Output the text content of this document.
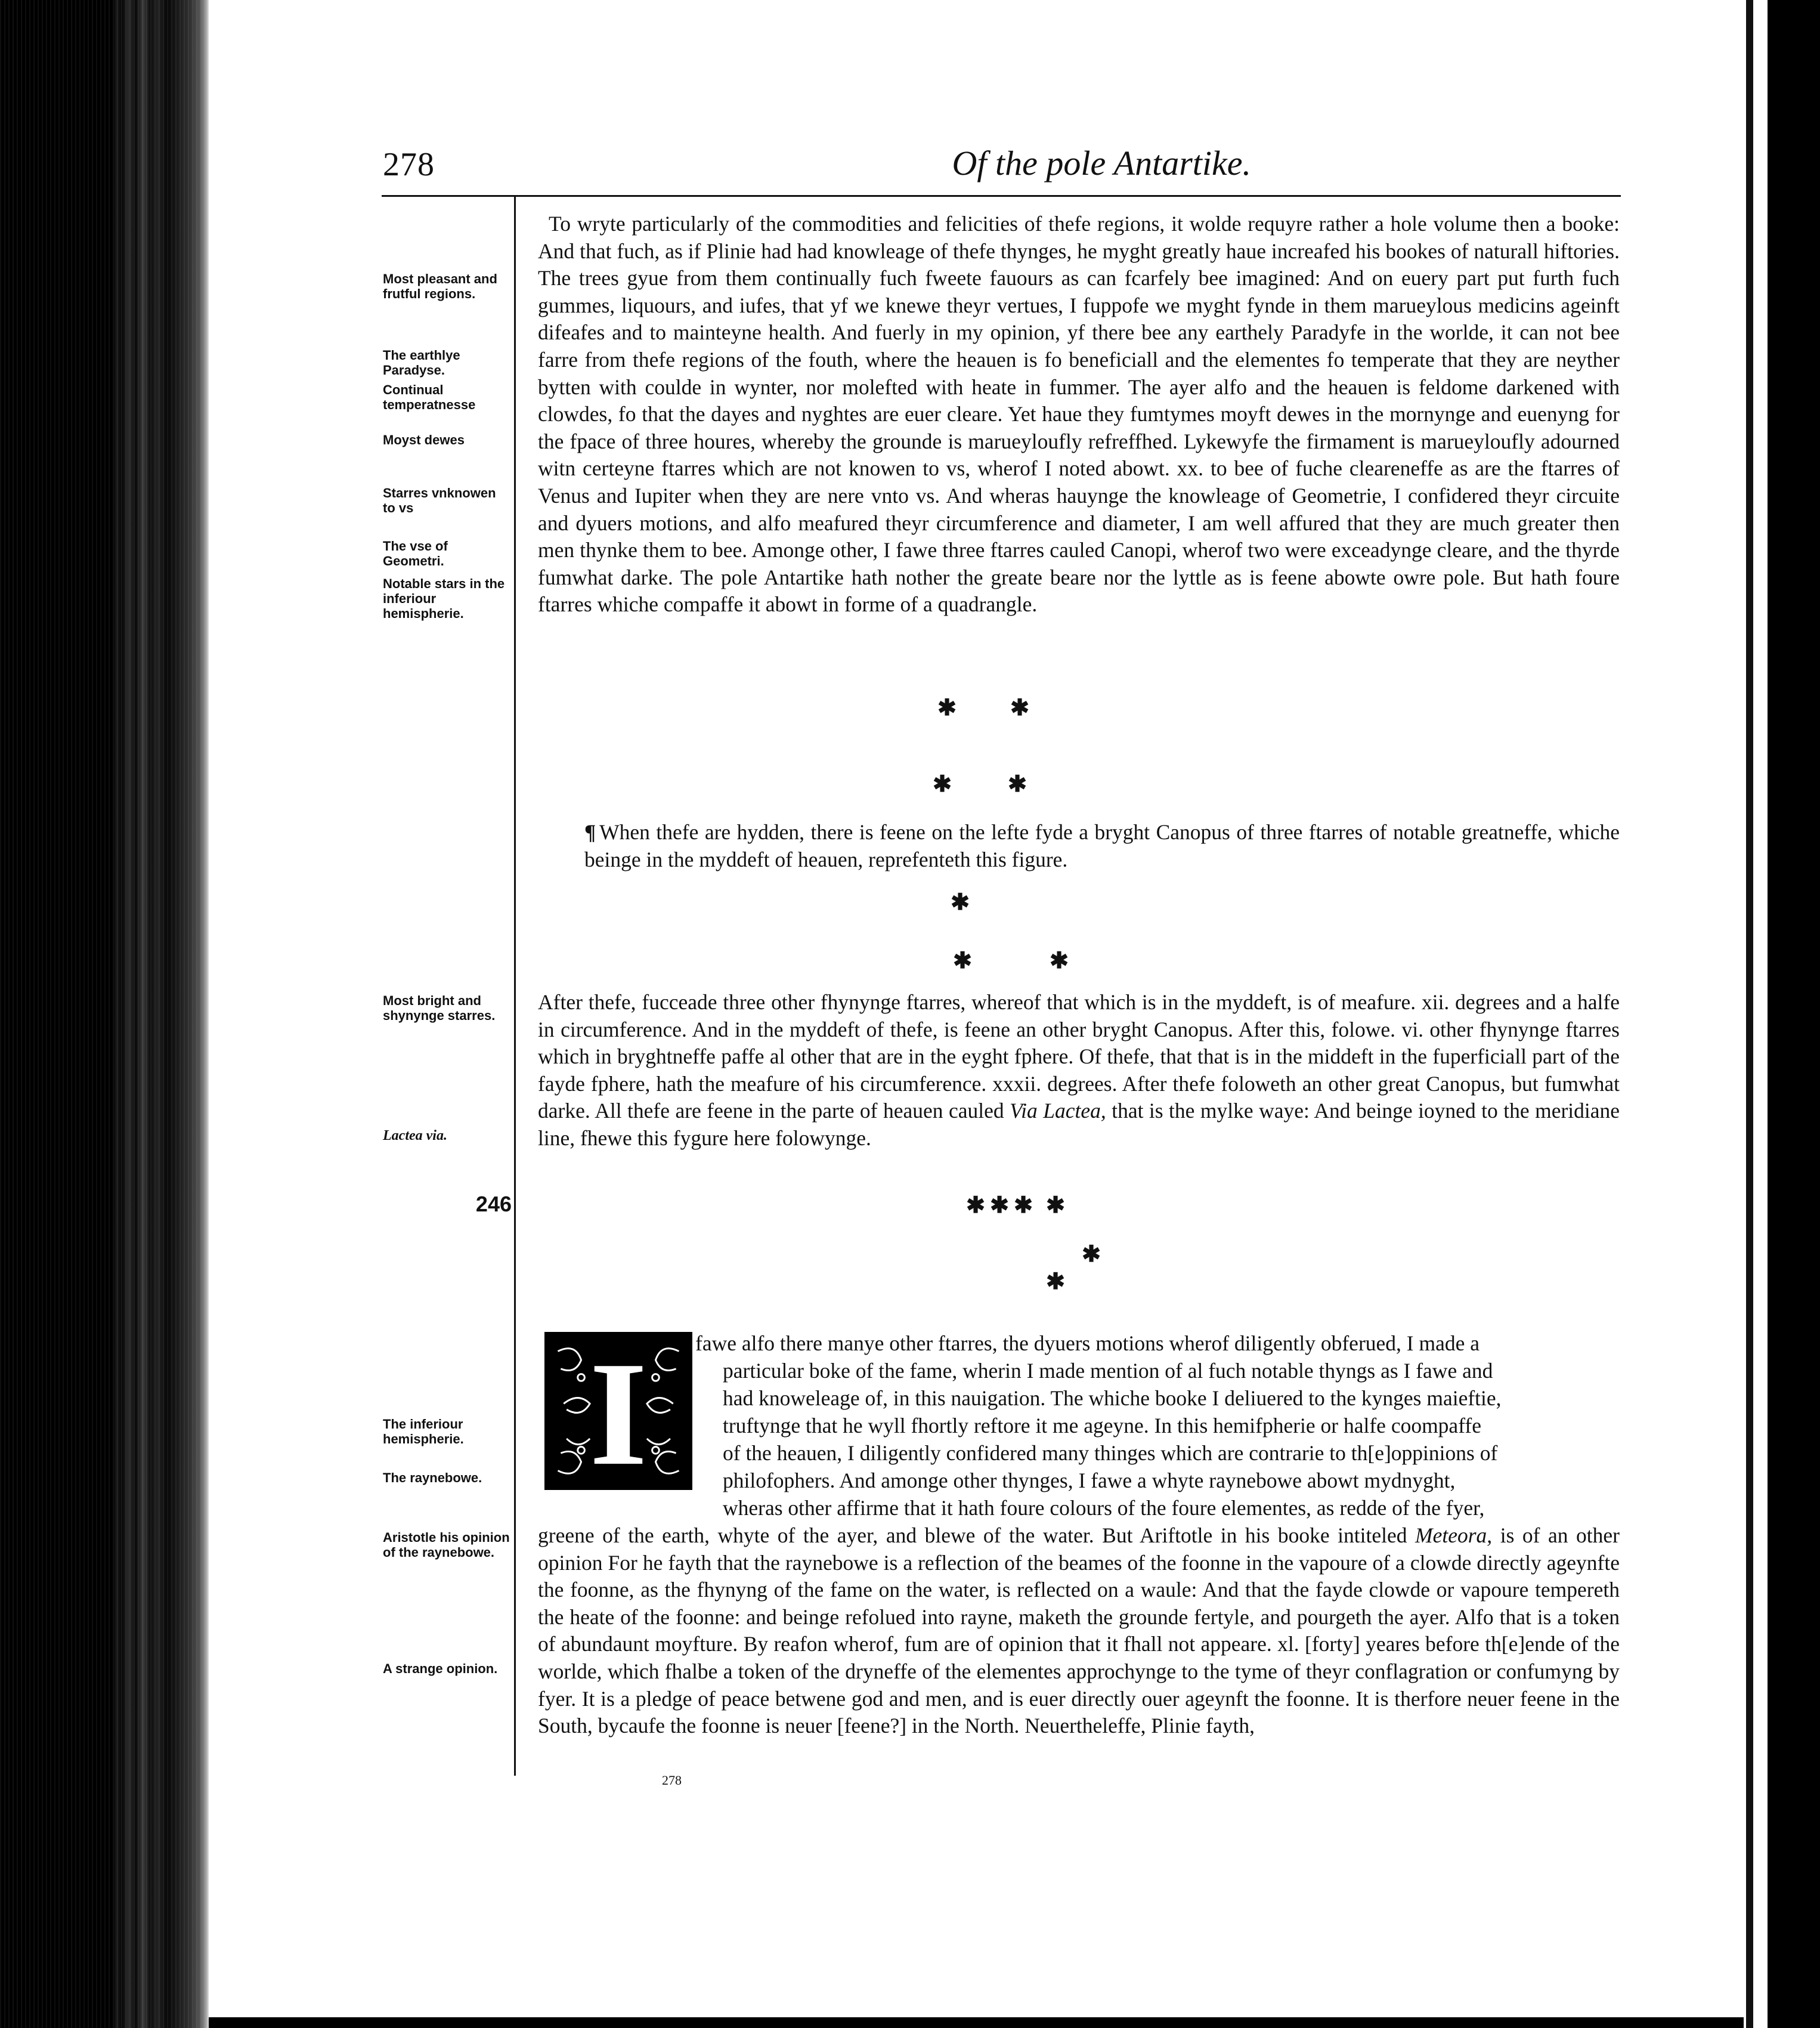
278	Of the pole Antartike.
Most pleasant and frutful regions.
The earthlye Paradyse.
Continual temperatnesse
Moyst dewes
Starres vnknowen to vs
The vse of Geometri.
Notable stars in the inferiour hemispherie.
Most bright and shynynge starres.
Lactea via.
246
The inferiour hemispherie.
The raynebowe.
Aristotle his opinion of the raynebowe.
A strange opinion.
To wryte particularly of the commodities and felicities of thefe regions, it wolde requyre rather a hole volume then a booke: And that fuch, as if Plinie had had knowleage of thefe thynges, he myght greatly haue increafed his bookes of naturall hiftories. The trees gyue from them continually fuch fweete fauours as can fcarfely bee imagined: And on euery part put furth fuch gummes, liquours, and iufes, that yf we knewe theyr vertues, I fuppofe we myght fynde in them marueylous medicins ageinft difeafes and to mainteyne health. And fuerly in my opinion, yf there bee any earthely Paradyfe in the worlde, it can not bee farre from thefe regions of the fouth, where the heauen is fo beneficiall and the elementes fo temperate that they are neyther bytten with coulde in wynter, nor molefted with heate in fummer. The ayer alfo and the heauen is feldome darkened with clowdes, fo that the dayes and nyghtes are euer cleare. Yet haue they fumtymes moyft dewes in the mornynge and euenyng for the fpace of three houres, whereby the grounde is marueyloufly refreffhed. Lykewyfe the firmament is marueyloufly adourned witn certeyne ftarres which are not knowen to vs, wherof I noted abowt. xx. to bee of fuche cleareneffe as are the ftarres of Venus and Iupiter when they are nere vnto vs. And wheras hauynge the knowleage of Geometrie, I confidered theyr circuite and dyuers motions, and alfo meafured theyr circumference and diameter, I am well affured that they are much greater then men thynke them to bee. Amonge other, I fawe three ftarres cauled Canopi, wherof two were exceadynge cleare, and the thyrde fumwhat darke. The pole Antartike hath nother the greate beare nor the lyttle as is feene abowte owre pole. But hath foure ftarres whiche compaffe it abowt in forme of a quadrangle.
✱ ✱
✱ ✱
¶ When thefe are hydden, there is feene on the lefte fyde a bryght Canopus of three ftarres of notable greatneffe, whiche beinge in the myddeft of heauen, reprefenteth this figure.
✱
✱	✱
After thefe, fucceade three other fhynynge ftarres, whereof that which is in the myddeft, is of meafure. xii. degrees and a halfe in circumference. And in the myddeft of thefe, is feene an other bryght Canopus. After this, folowe. vi. other fhynynge ftarres which in bryghtneffe paffe al other that are in the eyght fphere. Of thefe, that that is in the middeft in the fuperficiall part of the fayde fphere, hath the meafure of his circumference. xxxii. degrees. After thefe foloweth an other great Canopus, but fumwhat darke. All thefe are feene in the parte of heauen cauled Via Lactea, that is the mylke waye: And beinge ioyned to the meridiane line, fhewe this fygure here folowynge.
✱ ✱ ✱ ✱
✱
✱
I	fawe alfo there manye other ftarres, the dyuers motions wherof diligently obferued, I made a
particular boke of the fame, wherin I made mention of al fuch notable thyngs as I fawe and
had knoweleage of, in this nauigation. The whiche booke I deliuered to the kynges maieftie,
truftynge that he wyll fhortly reftore it me ageyne. In this hemifpherie or halfe coompaffe
of the heauen, I diligently confidered many thinges which are contrarie to th[e]oppinions of
philofophers. And amonge other thynges, I fawe a whyte raynebowe abowt mydnyght,
wheras other affirme that it hath foure colours of the foure elementes, as redde of the fyer,
greene of the earth, whyte of the ayer, and blewe of the water. But Ariftotle in his booke intiteled Meteora, is of an other opinion For he fayth that the raynebowe is a reflection of the beames of the foonne in the vapoure of a clowde directly ageynfte the foonne, as the fhynyng of the fame on the water, is reflected on a waule: And that the fayde clowde or vapoure tempereth the heate of the foonne: and beinge refolued into rayne, maketh the grounde fertyle, and pourgeth the ayer. Alfo that is a token of abundaunt moyfture. By reafon wherof, fum are of opinion that it fhall not appeare. xl. [forty] yeares before th[e]ende of the worlde, which fhalbe a token of the dryneffe of the elementes approchynge to the tyme of theyr conflagration or confumyng by fyer. It is a pledge of peace betwene god and men, and is euer directly ouer ageynft the foonne. It is therfore neuer feene in the South, bycaufe the foonne is neuer [feene?] in the North. Neuertheleffe, Plinie fayth,
278
